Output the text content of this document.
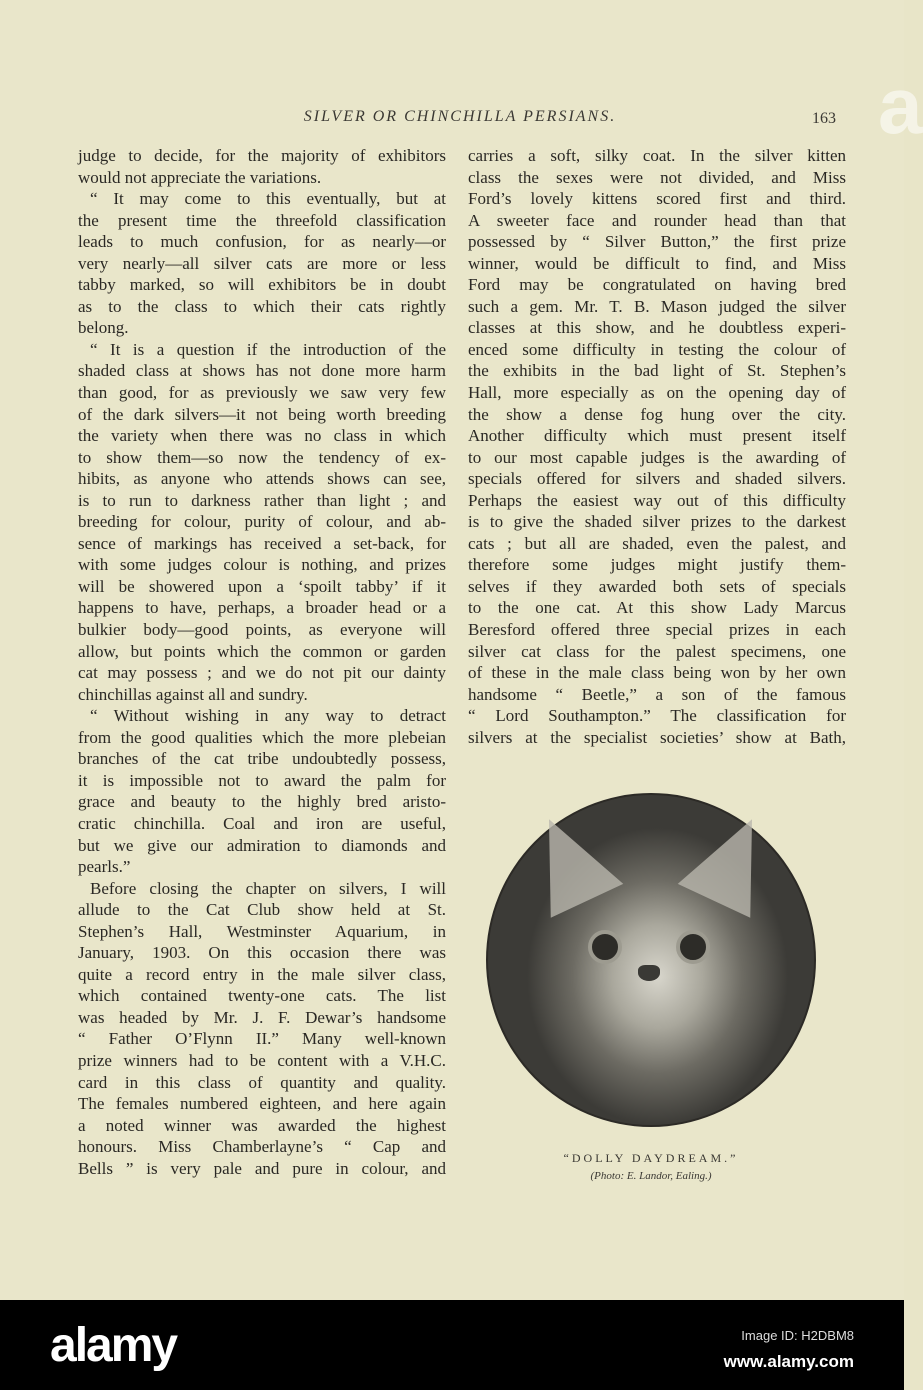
SILVER OR CHINCHILLA PERSIANS.	163
judge to decide, for the majority of exhibitors
would not appreciate the variations.
“ It may come to this eventually, but at
the present time the threefold classification
leads to much confusion, for as nearly—or
very nearly—all silver cats are more or less
tabby marked, so will exhibitors be in doubt
as to the class to which their cats rightly
belong.
“ It is a question if the introduction of the
shaded class at shows has not done more harm
than good, for as previously we saw very few
of the dark silvers—it not being worth breeding
the variety when there was no class in which
to show them—so now the tendency of ex-
hibits, as anyone who attends shows can see,
is to run to darkness rather than light ; and
breeding for colour, purity of colour, and ab-
sence of markings has received a set-back, for
with some judges colour is nothing, and prizes
will be showered upon a ‘spoilt tabby’ if it
happens to have, perhaps, a broader head or a
bulkier body—good points, as everyone will
allow, but points which the common or garden
cat may possess ; and we do not pit our dainty
chinchillas against all and sundry.
“ Without wishing in any way to detract
from the good qualities which the more plebeian
branches of the cat tribe undoubtedly possess,
it is impossible not to award the palm for
grace and beauty to the highly bred aristo-
cratic chinchilla. Coal and iron are useful,
but we give our admiration to diamonds and
pearls.”
Before closing the chapter on silvers, I will
allude to the Cat Club show held at St.
Stephen’s Hall, Westminster Aquarium, in
January, 1903. On this occasion there was
quite a record entry in the male silver class,
which contained twenty-one cats. The list
was headed by Mr. J. F. Dewar’s handsome
“ Father O’Flynn II.” Many well-known
prize winners had to be content with a V.H.C.
card in this class of quantity and quality.
The females numbered eighteen, and here again
a noted winner was awarded the highest
honours. Miss Chamberlayne’s “ Cap and
Bells ” is very pale and pure in colour, and
carries a soft, silky coat. In the silver kitten
class the sexes were not divided, and Miss
Ford’s lovely kittens scored first and third.
A sweeter face and rounder head than that
possessed by “ Silver Button,” the first prize
winner, would be difficult to find, and Miss
Ford may be congratulated on having bred
such a gem. Mr. T. B. Mason judged the silver
classes at this show, and he doubtless experi-
enced some difficulty in testing the colour of
the exhibits in the bad light of St. Stephen’s
Hall, more especially as on the opening day of
the show a dense fog hung over the city.
Another difficulty which must present itself
to our most capable judges is the awarding of
specials offered for silvers and shaded silvers.
Perhaps the easiest way out of this difficulty
is to give the shaded silver prizes to the darkest
cats ; but all are shaded, even the palest, and
therefore some judges might justify them-
selves if they awarded both sets of specials
to the one cat. At this show Lady Marcus
Beresford offered three special prizes in each
silver cat class for the palest specimens, one
of these in the male class being won by her own
handsome “ Beetle,” a son of the famous
“ Lord Southampton.” The classification for
silvers at the specialist societies’ show at Bath,
“DOLLY DAYDREAM.”
(Photo: E. Landor, Ealing.)
a
alamy	Image ID: H2DBM8
www.alamy.com
